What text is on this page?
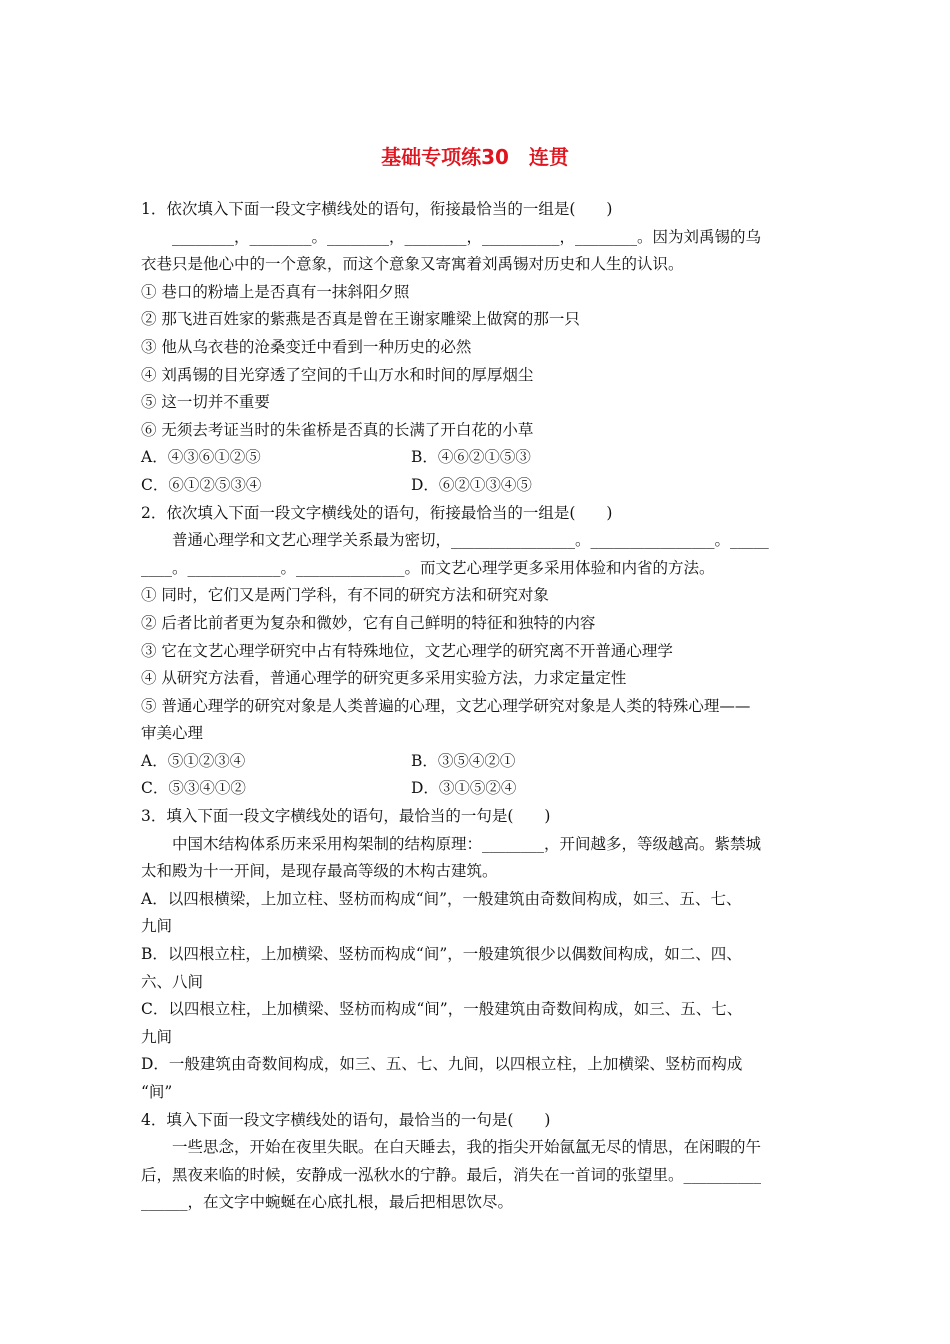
基础专项练30　连贯
1．依次填入下面一段文字横线处的语句，衔接最恰当的一组是(　　)
________，________。________，________，__________，________。因为刘禹锡的乌
衣巷只是他心中的一个意象，而这个意象又寄寓着刘禹锡对历史和人生的认识。
① 巷口的粉墙上是否真有一抹斜阳夕照
② 那飞进百姓家的紫燕是否真是曾在王谢家雕梁上做窝的那一只
③ 他从乌衣巷的沧桑变迁中看到一种历史的必然
④ 刘禹锡的目光穿透了空间的千山万水和时间的厚厚烟尘
⑤ 这一切并不重要
⑥ 无须去考证当时的朱雀桥是否真的长满了开白花的小草
A．④③⑥①②⑤	B．④⑥②①⑤③
C．⑥①②⑤③④	D．⑥②①③④⑤
2．依次填入下面一段文字横线处的语句，衔接最恰当的一组是(　　)
普通心理学和文艺心理学关系最为密切，________________。________________。_____
____。____________。______________。而文艺心理学更多采用体验和内省的方法。
① 同时，它们又是两门学科，有不同的研究方法和研究对象
② 后者比前者更为复杂和微妙，它有自己鲜明的特征和独特的内容
③ 它在文艺心理学研究中占有特殊地位，文艺心理学的研究离不开普通心理学
④ 从研究方法看，普通心理学的研究更多采用实验方法，力求定量定性
⑤ 普通心理学的研究对象是人类普遍的心理，文艺心理学研究对象是人类的特殊心理——
审美心理
A．⑤①②③④	B．③⑤④②①
C．⑤③④①②	D．③①⑤②④
3．填入下面一段文字横线处的语句，最恰当的一句是(　　)
中国木结构体系历来采用构架制的结构原理：________，开间越多，等级越高。紫禁城
太和殿为十一开间，是现存最高等级的木构古建筑。
A．以四根横梁，上加立柱、竖枋而构成“间”，一般建筑由奇数间构成，如三、五、七、
九间
B．以四根立柱，上加横梁、竖枋而构成“间”，一般建筑很少以偶数间构成，如二、四、
六、八间
C．以四根立柱，上加横梁、竖枋而构成“间”，一般建筑由奇数间构成，如三、五、七、
九间
D．一般建筑由奇数间构成，如三、五、七、九间，以四根立柱，上加横梁、竖枋而构成
“间”
4．填入下面一段文字横线处的语句，最恰当的一句是(　　)
一些思念，开始在夜里失眠。在白天睡去，我的指尖开始氤氲无尽的情思，在闲暇的午
后，黑夜来临的时候，安静成一泓秋水的宁静。最后，消失在一首词的张望里。__________
______，在文字中蜿蜒在心底扎根，最后把相思饮尽。
